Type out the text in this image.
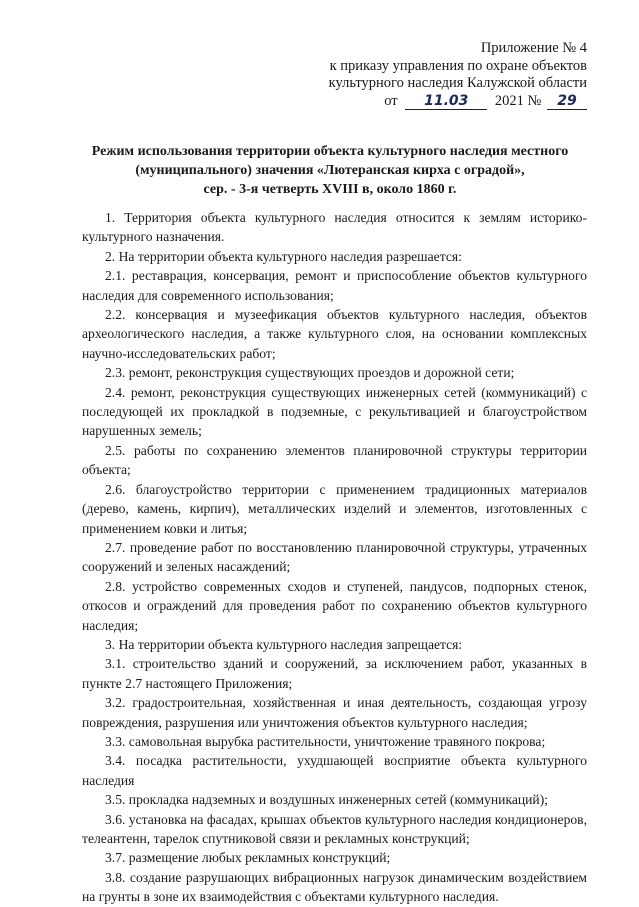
Приложение № 4
к приказу управления по охране объектов
культурного наследия Калужской области
от 11.03 2021 № 29
Режим использования территории объекта культурного наследия местного
(муниципального) значения «Лютеранская кирха с оградой»,
сер. - 3-я четверть XVIII в, около 1860 г.

1. Территория объекта культурного наследия относится к землям историко-культурного назначения.

2. На территории объекта культурного наследия разрешается:

2.1. реставрация, консервация, ремонт и приспособление объектов культурного наследия для современного использования;

2.2. консервация и музеефикация объектов культурного наследия, объектов археологического наследия, а также культурного слоя, на основании комплексных научно-исследовательских работ;

2.3. ремонт, реконструкция существующих проездов и дорожной сети;

2.4. ремонт, реконструкция существующих инженерных сетей (коммуникаций) с последующей их прокладкой в подземные, с рекультивацией и благоустройством нарушенных земель;

2.5. работы по сохранению элементов планировочной структуры территории объекта;

2.6. благоустройство территории с применением традиционных материалов (дерево, камень, кирпич), металлических изделий и элементов, изготовленных с применением ковки и литья;

2.7. проведение работ по восстановлению планировочной структуры, утраченных сооружений и зеленых насаждений;

2.8. устройство современных сходов и ступеней, пандусов, подпорных стенок, откосов и ограждений для проведения работ по сохранению объектов культурного наследия;

3. На территории объекта культурного наследия запрещается:

3.1. строительство зданий и сооружений, за исключением работ, указанных в пункте 2.7 настоящего Приложения;

3.2. градостроительная, хозяйственная и иная деятельность, создающая угрозу повреждения, разрушения или уничтожения объектов культурного наследия;

3.3. самовольная вырубка растительности, уничтожение травяного покрова;

3.4. посадка растительности, ухудшающей восприятие объекта культурного наследия

3.5. прокладка надземных и воздушных инженерных сетей (коммуникаций);

3.6. установка на фасадах, крышах объектов культурного наследия кондиционеров, телеантенн, тарелок спутниковой связи и рекламных конструкций;

3.7. размещение любых рекламных конструкций;

3.8. создание разрушающих вибрационных нагрузок динамическим воздействием на грунты в зоне их взаимодействия с объектами культурного наследия.
